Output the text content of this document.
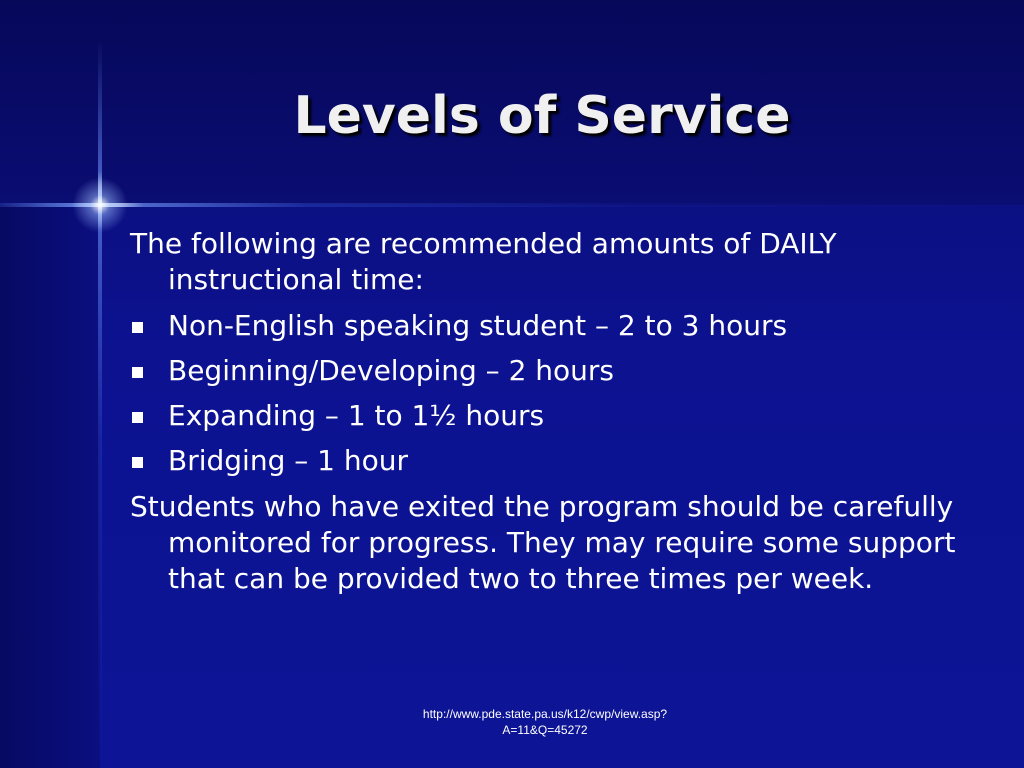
Levels of Service

The following are recommended amounts of DAILY instructional time:

Non-English speaking student – 2 to 3 hours
Beginning/Developing – 2 hours
Expanding – 1 to 1½ hours
Bridging – 1 hour

Students who have exited the program should be carefully monitored for progress. They may require some support that can be provided two to three times per week.

http://www.pde.state.pa.us/k12/cwp/view.asp?
A=11&Q=45272
